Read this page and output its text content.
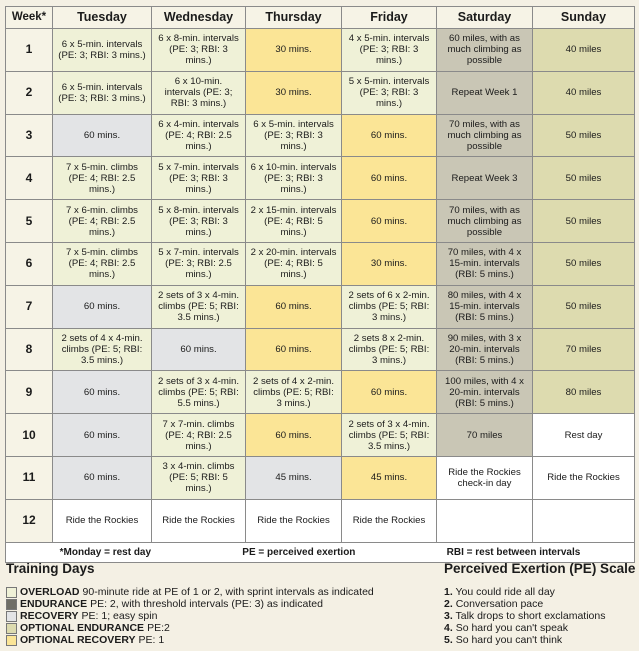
Week*	Tuesday	Wednesday	Thursday	Friday	Saturday	Sunday
1	6 x 5-min. intervals (PE: 3; RBI: 3 mins.)	6 x 8-min. intervals (PE: 3; RBI: 3 mins.)	30 mins.	4 x 5-min. intervals (PE: 3; RBI: 3 mins.)	60 miles, with as much climbing as possible	40 miles
2	6 x 5-min. intervals (PE: 3; RBI: 3 mins.)	6 x 10-min. intervals (PE: 3; RBI: 3 mins.)	30 mins.	5 x 5-min. intervals (PE: 3; RBI: 3 mins.)	Repeat Week 1	40 miles
3	60 mins.	6 x 4-min. intervals (PE: 4; RBI: 2.5 mins.)	6 x 5-min. intervals (PE: 3; RBI: 3 mins.)	60 mins.	70 miles, with as much climbing as possible	50 miles
4	7 x 5-min. climbs (PE: 4; RBI: 2.5 mins.)	5 x 7-min. intervals (PE: 3; RBI: 3 mins.)	6 x 10-min. intervals (PE: 3; RBI: 3 mins.)	60 mins.	Repeat Week 3	50 miles
5	7 x 6-min. climbs (PE: 4; RBI: 2.5 mins.)	5 x 8-min. intervals (PE: 3; RBI: 3 mins.)	2 x 15-min. intervals (PE: 4; RBI: 5 mins.)	60 mins.	70 miles, with as much climbing as possible	50 miles
6	7 x 5-min. climbs (PE: 4; RBI: 2.5 mins.)	5 x 7-min. intervals (PE: 3; RBI: 2.5 mins.)	2 x 20-min. intervals (PE: 4; RBI: 5 mins.)	30 mins.	70 miles, with 4 x 15-min. intervals (RBI: 5 mins.)	50 miles
7	60 mins.	2 sets of 3 x 4-min. climbs (PE: 5; RBI: 3.5 mins.)	60 mins.	2 sets of 6 x 2-min. climbs (PE: 5; RBI: 3 mins.)	80 miles, with 4 x 15-min. intervals (RBI: 5 mins.)	50 miles
8	2 sets of 4 x 4-min. climbs (PE: 5; RBI: 3.5 mins.)	60 mins.	60 mins.	2 sets 8 x 2-min. climbs (PE: 5; RBI: 3 mins.)	90 miles, with 3 x 20-min. intervals (RBI: 5 mins.)	70 miles
9	60 mins.	2 sets of 3 x 4-min. climbs (PE: 5; RBI: 5.5 mins.)	2 sets of 4 x 2-min. climbs (PE: 5; RBI: 3 mins.)	60 mins.	100 miles, with 4 x 20-min. intervals (RBI: 5 mins.)	80 miles
10	60 mins.	7 x 7-min. climbs (PE: 4; RBI: 2.5 mins.)	60 mins.	2 sets of 3 x 4-min. climbs (PE: 5; RBI: 3.5 mins.)	70 miles	Rest day
11	60 mins.	3 x 4-min. climbs (PE: 5; RBI: 5 mins.)	45 mins.	45 mins.	Ride the Rockies check-in day	Ride the Rockies
12	Ride the Rockies	Ride the Rockies	Ride the Rockies	Ride the Rockies		

*Monday = rest day PE = perceived exertion RBI = rest between intervals						
Training Days
OVERLOAD 90-minute ride at PE of 1 or 2, with sprint intervals as indicated
ENDURANCE PE: 2, with threshold intervals (PE: 3) as indicated
RECOVERY PE: 1; easy spin
OPTIONAL ENDURANCE PE:2
OPTIONAL RECOVERY PE: 1
Perceived Exertion (PE) Scale
1. You could ride all day
2. Conversation pace
3. Talk drops to short exclamations
4. So hard you can't speak
5. So hard you can't think
